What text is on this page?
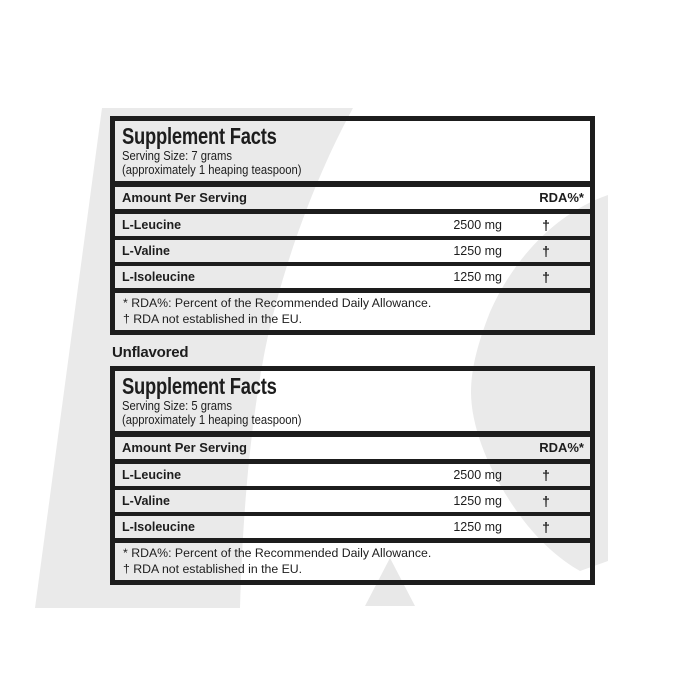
Supplement Facts
Serving Size: 7 grams
(approximately 1 heaping teaspoon)
Amount Per Serving	RDA%*
L-Leucine	2500 mg	†
L-Valine	1250 mg	†
L-Isoleucine	1250 mg	†
* RDA%: Percent of the Recommended Daily Allowance.
† RDA not established in the EU.
Unflavored
Supplement Facts
Serving Size: 5 grams
(approximately 1 heaping teaspoon)
Amount Per Serving	RDA%*
L-Leucine	2500 mg	†
L-Valine	1250 mg	†
L-Isoleucine	1250 mg	†
* RDA%: Percent of the Recommended Daily Allowance.
† RDA not established in the EU.
